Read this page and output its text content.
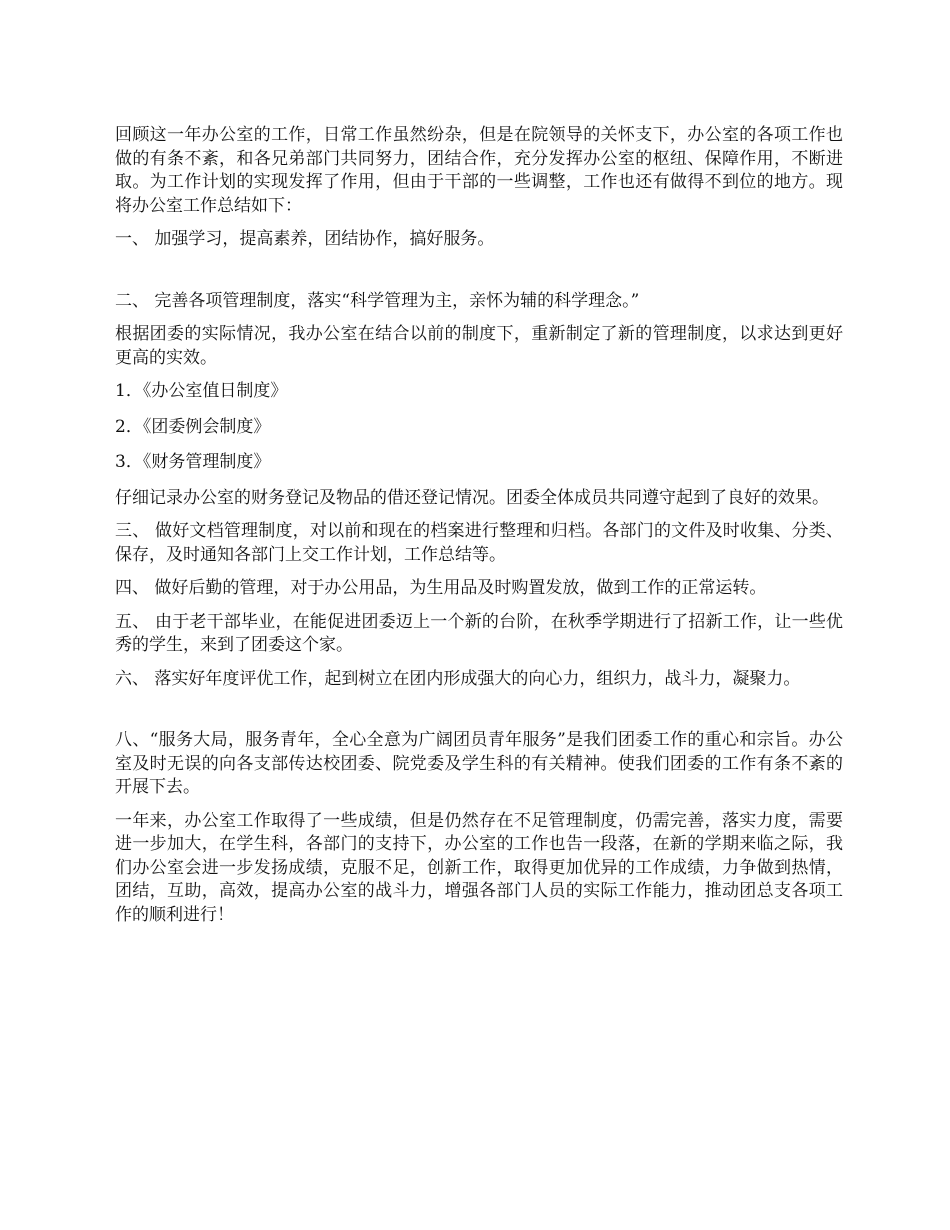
回顾这一年办公室的工作，日常工作虽然纷杂，但是在院领导的关怀支下，办公室的各项工作也做的有条不紊，和各兄弟部门共同努力，团结合作，充分发挥办公室的枢纽、保障作用，不断进取。为工作计划的实现发挥了作用，但由于干部的一些调整，工作也还有做得不到位的地方。现将办公室工作总结如下：

一、 加强学习，提高素养，团结协作，搞好服务。

二、 完善各项管理制度，落实“科学管理为主，亲怀为辅的科学理念。”

根据团委的实际情况，我办公室在结合以前的制度下，重新制定了新的管理制度，以求达到更好更高的实效。

1．《办公室值日制度》

2．《团委例会制度》

3．《财务管理制度》

仔细记录办公室的财务登记及物品的借还登记情况。团委全体成员共同遵守起到了良好的效果。

三、 做好文档管理制度，对以前和现在的档案进行整理和归档。各部门的文件及时收集、分类、保存，及时通知各部门上交工作计划，工作总结等。

四、 做好后勤的管理，对于办公用品，为生用品及时购置发放，做到工作的正常运转。

五、 由于老干部毕业，在能促进团委迈上一个新的台阶，在秋季学期进行了招新工作，让一些优秀的学生，来到了团委这个家。

六、 落实好年度评优工作，起到树立在团内形成强大的向心力，组织力，战斗力，凝聚力。

八、“服务大局，服务青年，全心全意为广阔团员青年服务”是我们团委工作的重心和宗旨。办公室及时无误的向各支部传达校团委、院党委及学生科的有关精神。使我们团委的工作有条不紊的开展下去。

一年来，办公室工作取得了一些成绩，但是仍然存在不足管理制度，仍需完善，落实力度，需要进一步加大，在学生科，各部门的支持下，办公室的工作也告一段落，在新的学期来临之际，我们办公室会进一步发扬成绩，克服不足，创新工作，取得更加优异的工作成绩，力争做到热情，团结，互助，高效，提高办公室的战斗力，增强各部门人员的实际工作能力，推动团总支各项工作的顺利进行！
